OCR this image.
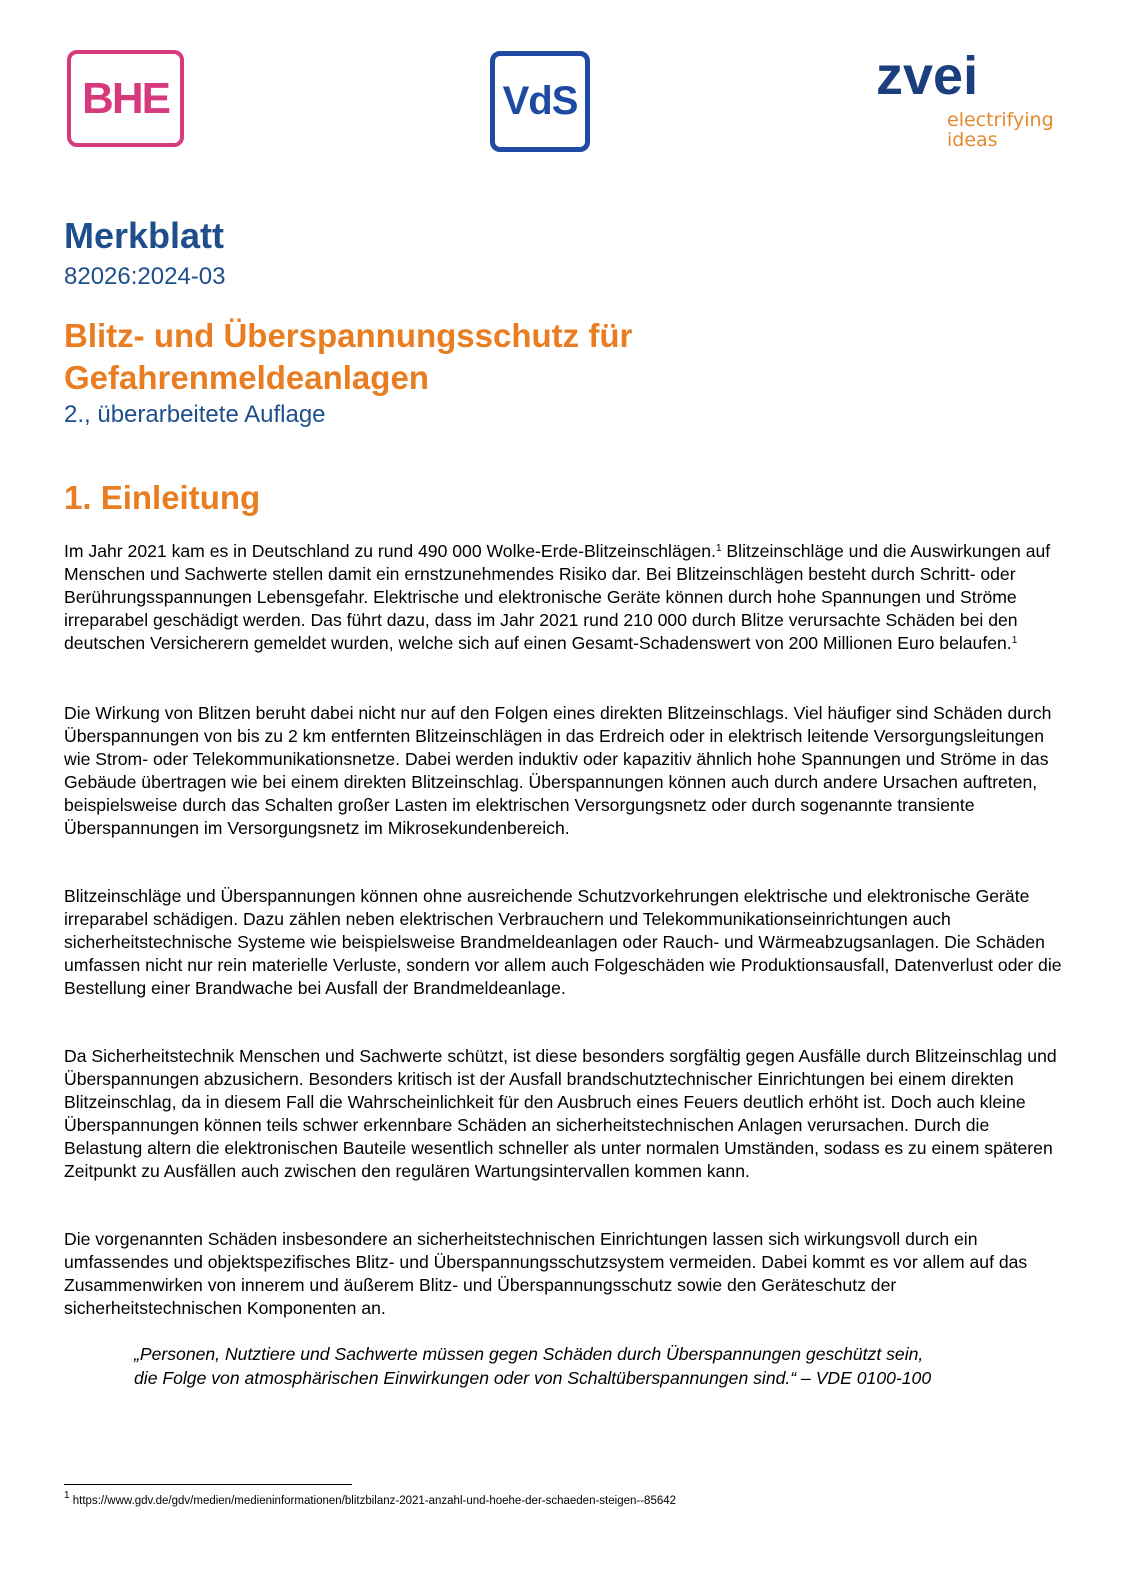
BHE	VdS	zvei
electrifying
ideas
Merkblatt
82026:2024-03
Blitz- und Überspannungsschutz für
Gefahrenmeldeanlagen
2., überarbeitete Auflage
1. Einleitung

Im Jahr 2021 kam es in Deutschland zu rund 490 000 Wolke-Erde-Blitzeinschlägen.$^1$ Blitzeinschläge und die Auswirkungen auf Menschen und Sachwerte stellen damit ein ernstzunehmendes Risiko dar. Bei Blitzeinschlägen besteht durch Schritt- oder Berührungsspannungen Lebensgefahr. Elektrische und elektronische Geräte können durch hohe Spannungen und Ströme irreparabel geschädigt werden. Das führt dazu, dass im Jahr 2021 rund 210 000 durch Blitze verursachte Schäden bei den deutschen Versicherern gemeldet wurden, welche sich auf einen Gesamt-Schadenswert von 200 Millionen Euro belaufen.$^1$

Die Wirkung von Blitzen beruht dabei nicht nur auf den Folgen eines direkten Blitzeinschlags. Viel häufiger sind Schäden durch Überspannungen von bis zu 2 km entfernten Blitzeinschlägen in das Erdreich oder in elektrisch leitende Versorgungsleitungen wie Strom- oder Telekommunikationsnetze. Dabei werden induktiv oder kapazitiv ähnlich hohe Spannungen und Ströme in das Gebäude übertragen wie bei einem direkten Blitzeinschlag. Überspannungen können auch durch andere Ursachen auftreten, beispielsweise durch das Schalten großer Lasten im elektrischen Versorgungsnetz oder durch sogenannte transiente Überspannungen im Versorgungsnetz im Mikrosekundenbereich.

Blitzeinschläge und Überspannungen können ohne ausreichende Schutzvorkehrungen elektrische und elektronische Geräte irreparabel schädigen. Dazu zählen neben elektrischen Verbrauchern und Telekommunikationseinrichtungen auch sicherheitstechnische Systeme wie beispielsweise Brandmeldeanlagen oder Rauch- und Wärmeabzugsanlagen. Die Schäden umfassen nicht nur rein materielle Verluste, sondern vor allem auch Folgeschäden wie Produktionsausfall, Datenverlust oder die Bestellung einer Brandwache bei Ausfall der Brandmeldeanlage.

Da Sicherheitstechnik Menschen und Sachwerte schützt, ist diese besonders sorgfältig gegen Ausfälle durch Blitzeinschlag und Überspannungen abzusichern. Besonders kritisch ist der Ausfall brandschutztechnischer Einrichtungen bei einem direkten Blitzeinschlag, da in diesem Fall die Wahrscheinlichkeit für den Ausbruch eines Feuers deutlich erhöht ist. Doch auch kleine Überspannungen können teils schwer erkennbare Schäden an sicherheitstechnischen Anlagen verursachen. Durch die Belastung altern die elektronischen Bauteile wesentlich schneller als unter normalen Umständen, sodass es zu einem späteren Zeitpunkt zu Ausfällen auch zwischen den regulären Wartungsintervallen kommen kann.

Die vorgenannten Schäden insbesondere an sicherheitstechnischen Einrichtungen lassen sich wirkungsvoll durch ein umfassendes und objektspezifisches Blitz- und Überspannungsschutzsystem vermeiden. Dabei kommt es vor allem auf das Zusammenwirken von innerem und äußerem Blitz- und Überspannungsschutz sowie den Geräteschutz der sicherheitstechnischen Komponenten an.

„Personen, Nutztiere und Sachwerte müssen gegen Schäden durch Überspannungen geschützt sein,
die Folge von atmosphärischen Einwirkungen oder von Schaltüberspannungen sind.“ – VDE 0100-100

$^1$ https://www.gdv.de/gdv/medien/medieninformationen/blitzbilanz-2021-anzahl-und-hoehe-der-schaeden-steigen--85642
